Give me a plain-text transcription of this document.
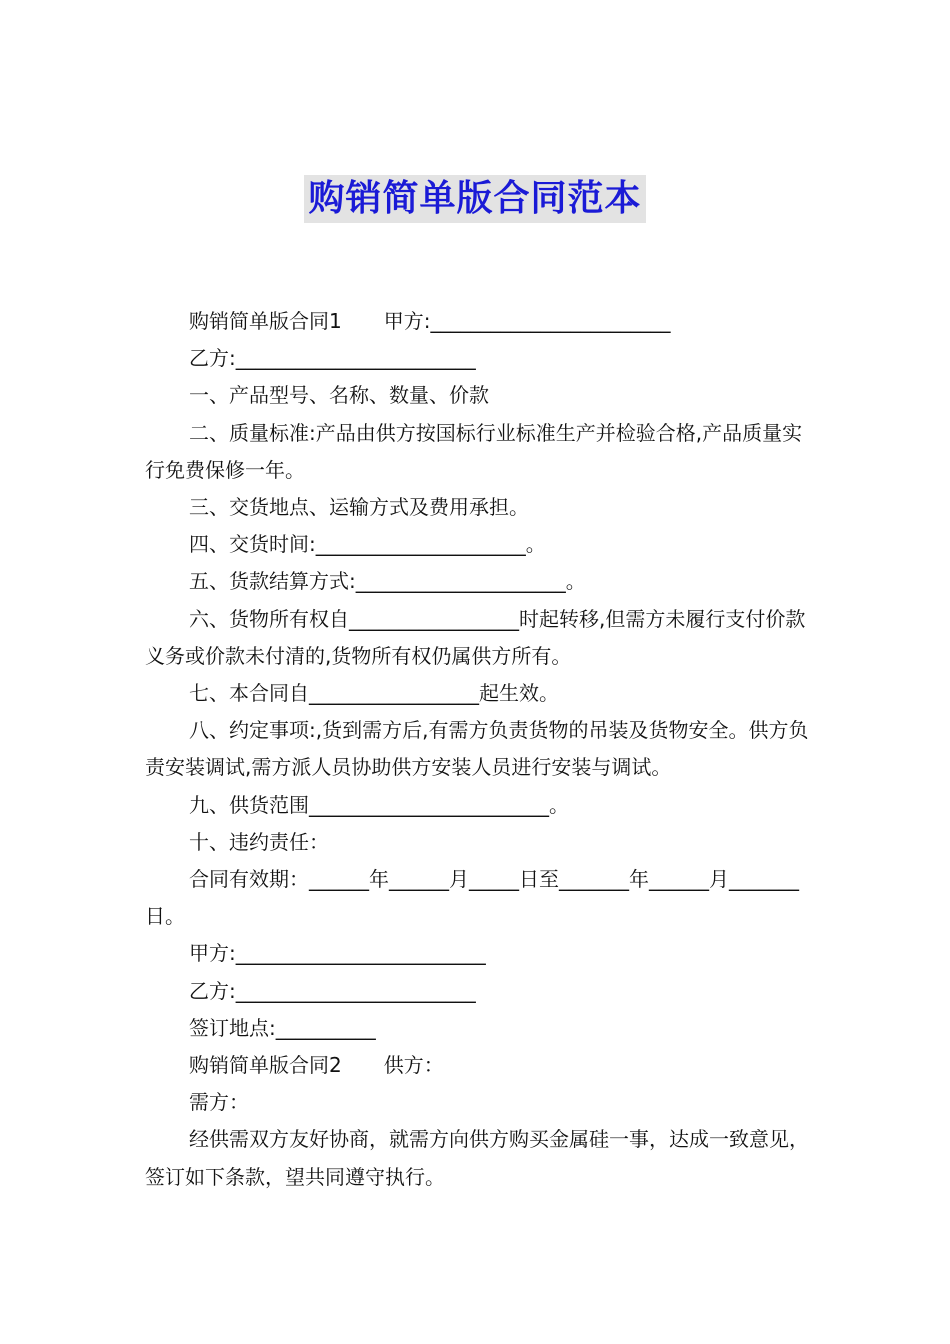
购销简单版合同范本

购销简单版合同1 甲方:________________________

乙方:________________________

一、产品型号、名称、数量、价款

二、质量标准:产品由供方按国标行业标准生产并检验合格,产品质量实行免费保修一年。

三、交货地点、运输方式及费用承担。

四、交货时间:_____________________。

五、货款结算方式:_____________________。

六、货物所有权自_________________时起转移,但需方未履行支付价款义务或价款未付清的,货物所有权仍属供方所有。

七、本合同自_________________起生效。

八、约定事项:,货到需方后,有需方负责货物的吊装及货物安全。供方负责安装调试,需方派人员协助供方安装人员进行安装与调试。

九、供货范围________________________。

十、违约责任：

合同有效期：______年______月_____日至_______年______月_______日。

甲方:_________________________

乙方:________________________

签订地点:__________

购销简单版合同2 供方：

需方：

经供需双方友好协商，就需方向供方购买金属硅一事，达成一致意见，签订如下条款，望共同遵守执行。
